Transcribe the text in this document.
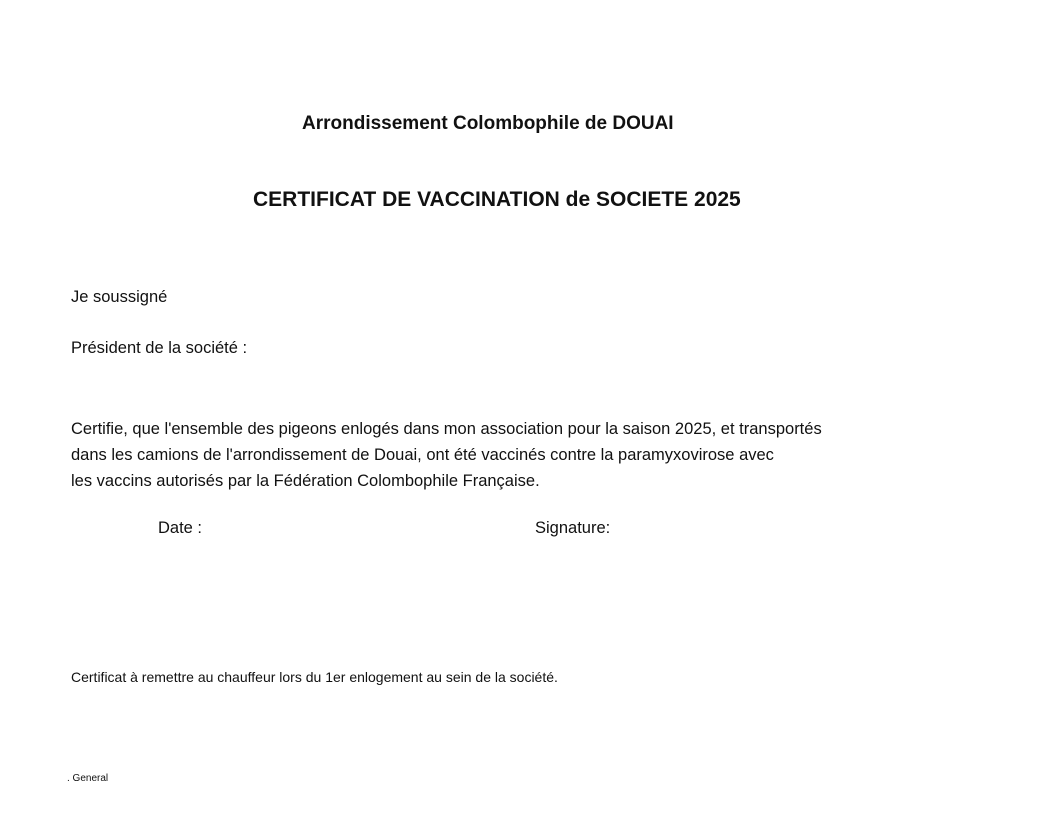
Arrondissement Colombophile de DOUAI

CERTIFICAT DE VACCINATION de SOCIETE 2025

Je soussigné

Président de la société :

Certifie, que l'ensemble des pigeons enlogés dans mon association pour la saison 2025, et transportés
dans les camions de l'arrondissement de Douai, ont été vaccinés contre la paramyxovirose avec
les vaccins autorisés par la Fédération Colombophile Française.

Date :	Signature:

Certificat à remettre au chauffeur lors du 1er enlogement au sein de la société.

. General
